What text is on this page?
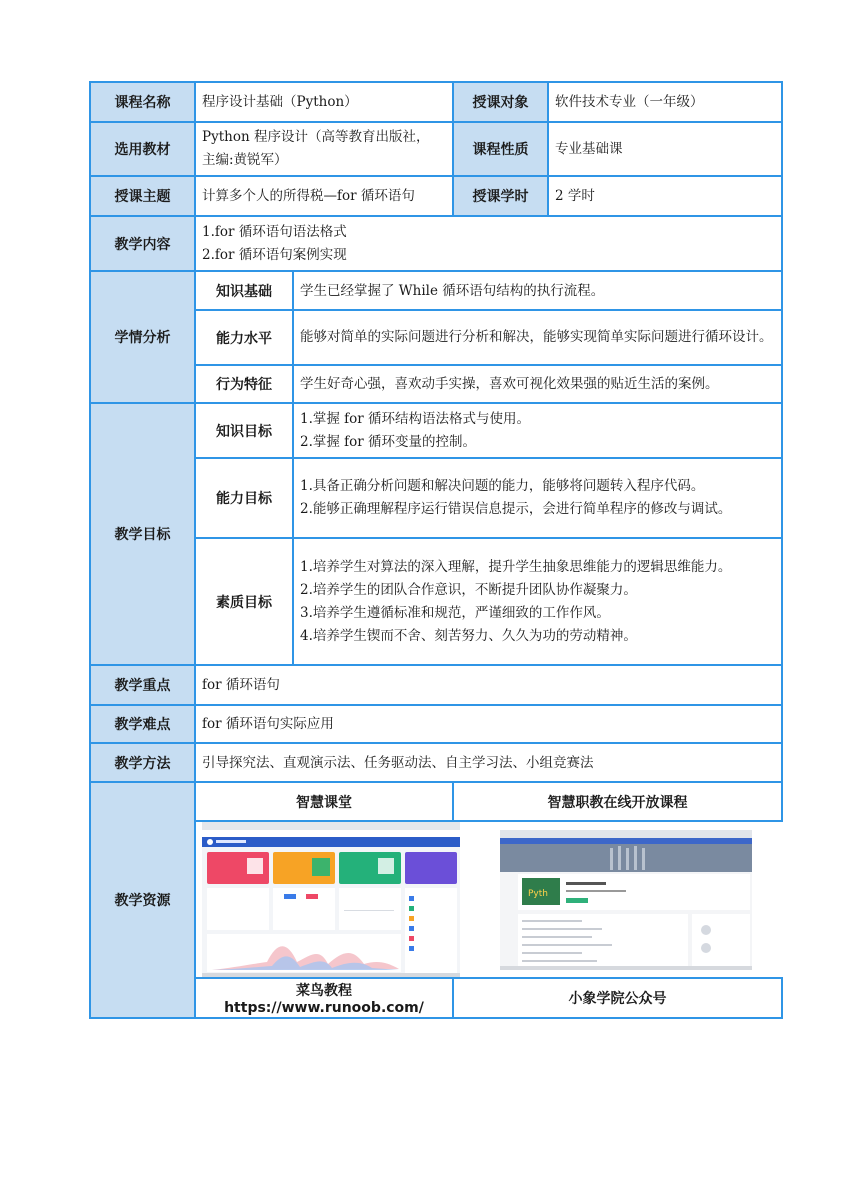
课程名称	程序设计基础（Python）		授课对象	软件技术专业（一年级）
选用教材	Python 程序设计（高等教育出版社，
主编:黄锐军）		课程性质	专业基础课
授课主题	计算多个人的所得税—for 循环语句		授课学时	2 学时
教学内容	1.for 循环语句语法格式
2.for 循环语句案例实现			

学情分析	知识基础	学生已经掌握了 While 循环语句结构的执行流程。		
	能力水平	能够对简单的实际问题进行分析和解决，能够实现简单实际问题进行循环设计。		
	行为特征	学生好奇心强，喜欢动手实操，喜欢可视化效果强的贴近生活的案例。		
教学目标	知识目标	1.掌握 for 循环结构语法格式与使用。
2.掌握 for 循环变量的控制。		

	能力目标	1.具备正确分析问题和解决问题的能力，能够将问题转入程序代码。
2.能够正确理解程序运行错误信息提示，会进行简单程序的修改与调试。		

	素质目标	1.培养学生对算法的深入理解，提升学生抽象思维能力的逻辑思维能力。
2.培养学生的团队合作意识，不断提升团队协作凝聚力。
3.培养学生遵循标准和规范，严谨细致的工作作风。
4.培养学生锲而不舍、刻苦努力、久久为功的劳动精神。		

教学重点	for 循环语句			
教学难点	for 循环语句实际应用			
教学方法	引导探究法、直观演示法、任务驱动法、自主学习法、小组竞赛法			
教学资源	智慧课堂		智慧职教在线开放课程	

Pyth	

	菜鸟教程 https://www.runoob.com/		小象学院公众号	
